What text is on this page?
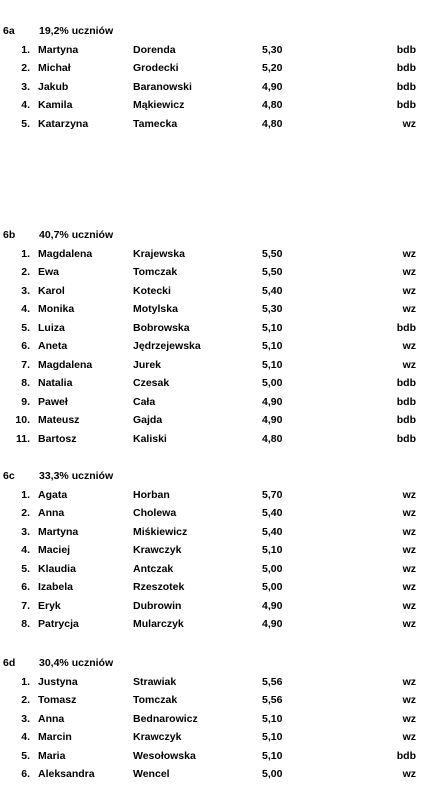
6a 19,2% uczniów
1. Martyna	Dorenda	5,30	bdb
2. Michał	Grodecki	5,20	bdb
3. Jakub	Baranowski	4,90	bdb
4. Kamila	Mąkiewicz	4,80	bdb
5. Katarzyna	Tamecka	4,80	wz
6b 40,7% uczniów
1. Magdalena	Krajewska	5,50	wz
2. Ewa	Tomczak	5,50	wz
3. Karol	Kotecki	5,40	wz
4. Monika	Motylska	5,30	wz
5. Luiza	Bobrowska	5,10	bdb
6. Aneta	Jędrzejewska	5,10	wz
7. Magdalena	Jurek	5,10	wz
8. Natalia	Czesak	5,00	bdb
9. Paweł	Cała	4,90	bdb
10. Mateusz	Gajda	4,90	bdb
11. Bartosz	Kaliski	4,80	bdb
6c 33,3% uczniów
1. Agata	Horban	5,70	wz
2. Anna	Cholewa	5,40	wz
3. Martyna	Miśkiewicz	5,40	wz
4. Maciej	Krawczyk	5,10	wz
5. Klaudia	Antczak	5,00	wz
6. Izabela	Rzeszotek	5,00	wz
7. Eryk	Dubrowin	4,90	wz
8. Patrycja	Mularczyk	4,90	wz
6d 30,4% uczniów
1. Justyna	Strawiak	5,56	wz
2. Tomasz	Tomczak	5,56	wz
3. Anna	Bednarowicz	5,10	wz
4. Marcin	Krawczyk	5,10	wz
5. Maria	Wesołowska	5,10	bdb
6. Aleksandra	Wencel	5,00	wz
